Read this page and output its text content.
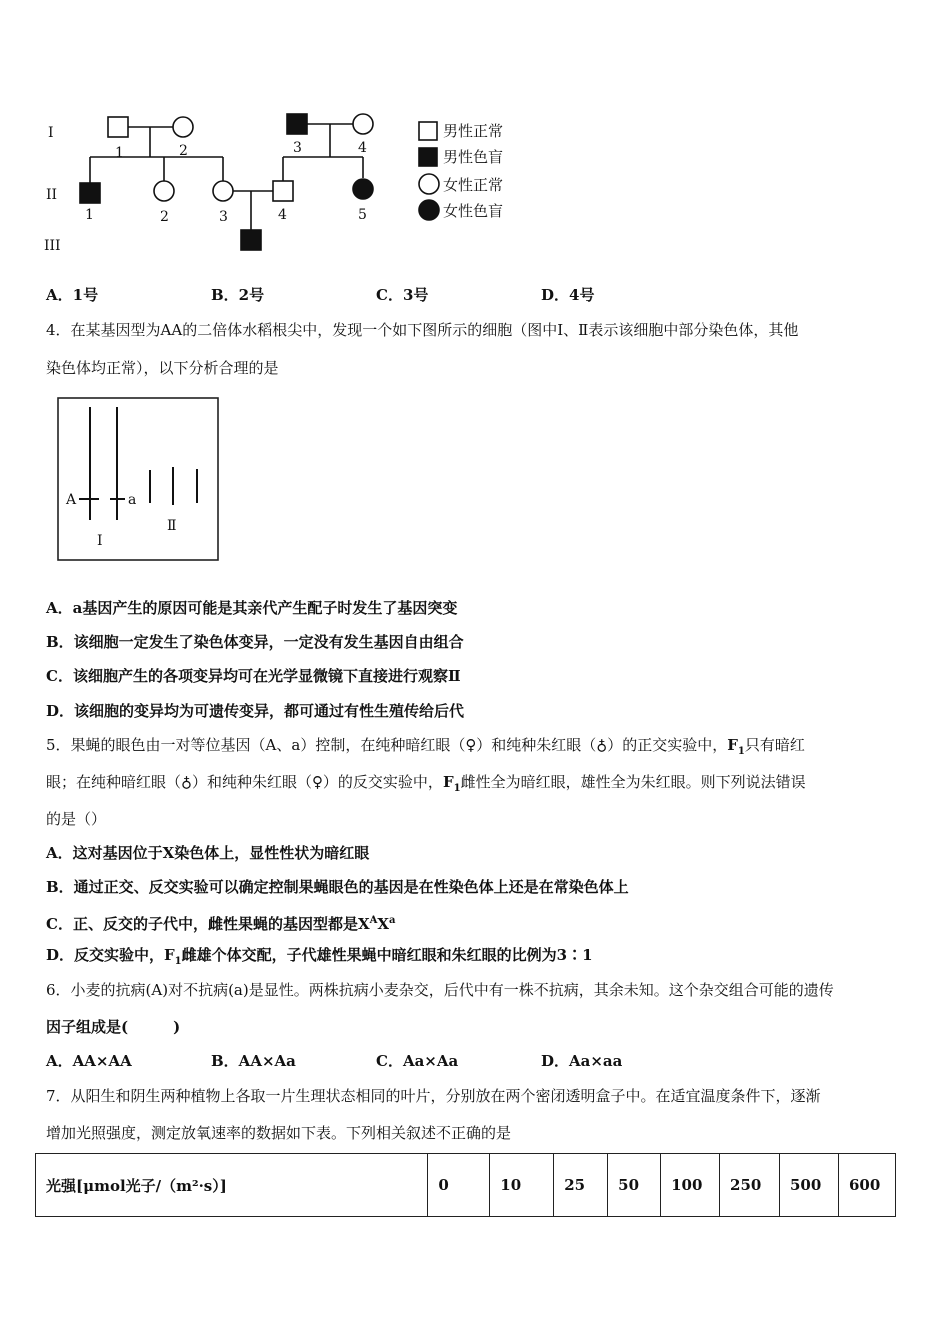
I
II
III
1	2	3	4
1	2	3	4	5
男性正常
男性色盲
女性正常
女性色盲
A．1号	B．2号	C．3号	D．4号
4．在某基因型为AA的二倍体水稻根尖中，发现一个如下图所示的细胞（图中Ⅰ、Ⅱ表示该细胞中部分染色体，其他
染色体均正常），以下分析合理的是
A	a
Ⅰ
Ⅱ
A．a基因产生的原因可能是其亲代产生配子时发生了基因突变
B．该细胞一定发生了染色体变异，一定没有发生基因自由组合
C．该细胞产生的各项变异均可在光学显微镜下直接进行观察Ⅱ
D．该细胞的变异均为可遗传变异，都可通过有性生殖传给后代
5．果蝇的眼色由一对等位基因（A、a）控制，在纯种暗红眼（♀）和纯种朱红眼（♁）的正交实验中，$F_1$只有暗红
眼；在纯种暗红眼（♁）和纯种朱红眼（♀）的反交实验中，$F_1$雌性全为暗红眼，雄性全为朱红眼。则下列说法错误
的是（）
A．这对基因位于X染色体上，显性性状为暗红眼
B．通过正交、反交实验可以确定控制果蝇眼色的基因是在性染色体上还是在常染色体上
C．正、反交的子代中，雌性果蝇的基因型都是$X^AX^a$
D．反交实验中，$F_1$雌雄个体交配，子代雄性果蝇中暗红眼和朱红眼的比例为3∶1
6．小麦的抗病(A)对不抗病(a)是显性。两株抗病小麦杂交，后代中有一株不抗病，其余未知。这个杂交组合可能的遗传
因子组成是(　　　)
A．AA×AA	B．AA×Aa	C．Aa×Aa	D．Aa×aa
7．从阳生和阴生两种植物上各取一片生理状态相同的叶片，分别放在两个密闭透明盒子中。在适宜温度条件下，逐渐
增加光照强度，测定放氧速率的数据如下表。下列相关叙述不正确的是
光强[μmol光子/（m²·s）]	0	10	25	50	100	250	500	600
